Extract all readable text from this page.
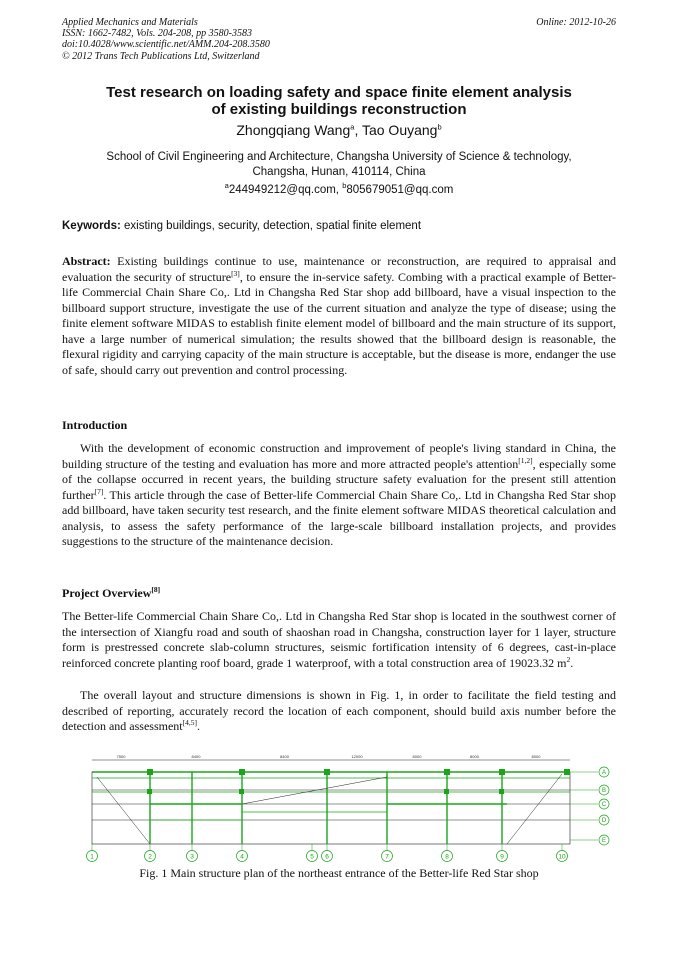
Applied Mechanics and Materials
ISSN: 1662-7482, Vols. 204-208, pp 3580-3583
doi:10.4028/www.scientific.net/AMM.204-208.3580
© 2012 Trans Tech Publications Ltd, Switzerland
Online: 2012-10-26
Test research on loading safety and space finite element analysis
of existing buildings reconstruction
Zhongqiang Wang$^a$, Tao Ouyang$^b$
School of Civil Engineering and Architecture, Changsha University of Science & technology,
Changsha, Hunan, 410114, China
$^a$244949212@qq.com, $^b$805679051@qq.com
Keywords: existing buildings, security, detection, spatial finite element
Abstract: Existing buildings continue to use, maintenance or reconstruction, are required to appraisal and evaluation the security of structure[3], to ensure the in-service safety. Combing with a practical example of Better-life Commercial Chain Share Co,. Ltd in Changsha Red Star shop add billboard, have a visual inspection to the billboard support structure, investigate the use of the current situation and analyze the type of disease; using the finite element software MIDAS to establish finite element model of billboard and the main structure of its support, have a large number of numerical simulation; the results showed that the billboard design is reasonable, the flexural rigidity and carrying capacity of the main structure is acceptable, but the disease is more, endanger the use of safe, should carry out prevention and control processing.
Introduction
With the development of economic construction and improvement of people's living standard in China, the building structure of the testing and evaluation has more and more attracted people's attention[1,2], especially some of the collapse occurred in recent years, the building structure safety evaluation for the present still attention further[7]. This article through the case of Better-life Commercial Chain Share Co,. Ltd in Changsha Red Star shop add billboard, have taken security test research, and the finite element software MIDAS theoretical calculation and analysis, to assess the safety performance of the large-scale billboard installation projects, and provides suggestions to the structure of the maintenance decision.
Project Overview[8]
The Better-life Commercial Chain Share Co,. Ltd in Changsha Red Star shop is located in the southwest corner of the intersection of Xiangfu road and south of shaoshan road in Changsha, construction layer for 1 layer, structure form is prestressed concrete slab-column structures, seismic fortification intensity of 6 degrees, cast-in-place reinforced concrete planting roof board, grade 1 waterproof, with a total construction area of 19023.32 $m^2$.
The overall layout and structure dimensions is shown in Fig. 1, in order to facilitate the field testing and described of reporting, accurately record the location of each component, should build axis number before the detection and assessment[4,5].
7500	8400	8400	12000	8000	8000	8000
1	2	3	4	5 6	7	8	9	10
A
B
C
D
E
Fig. 1 Main structure plan of the northeast entrance of the Better-life Red Star shop
